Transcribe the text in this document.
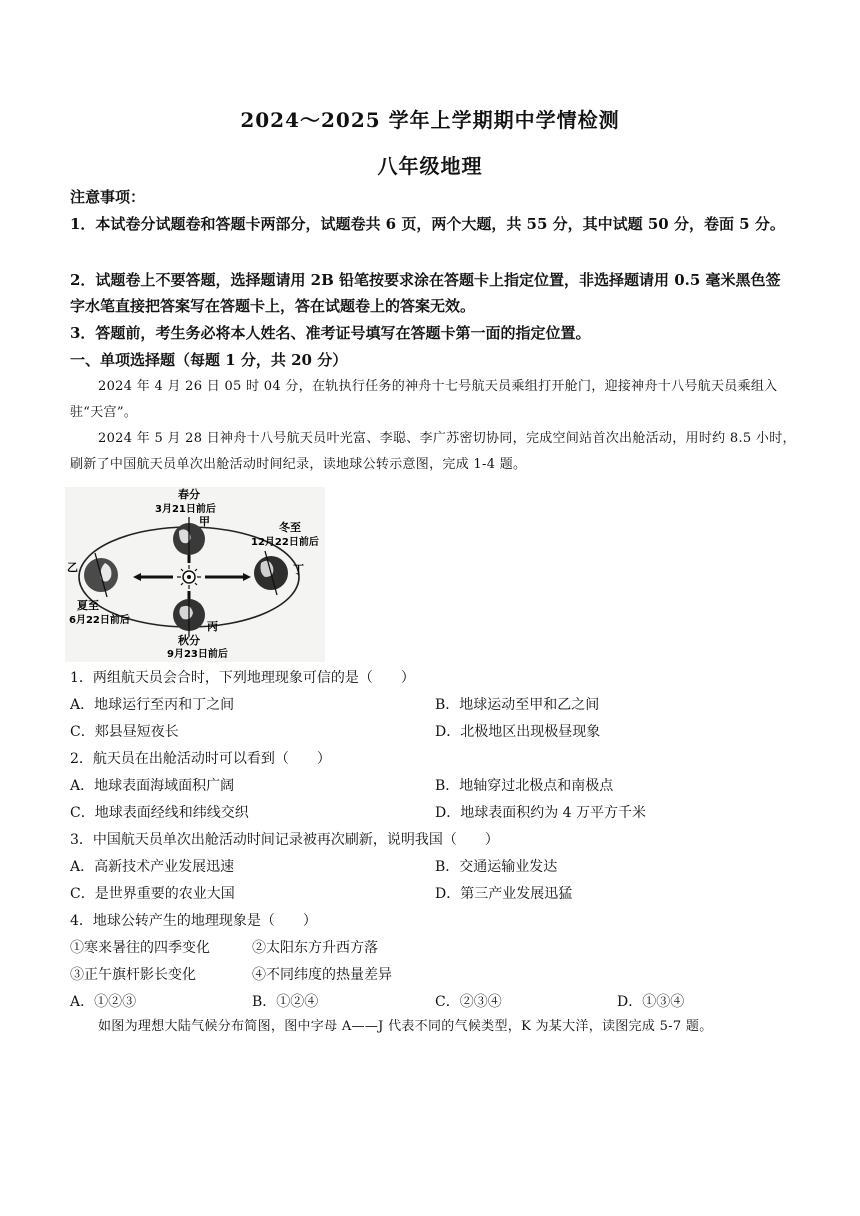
2024～2025 学年上学期期中学情检测
八年级地理
注意事项：
1．本试卷分试题卷和答题卡两部分，试题卷共 6 页，两个大题，共 55 分，其中试题 50 分，卷面 5 分。
2．试题卷上不要答题，选择题请用 2B 铅笔按要求涂在答题卡上指定位置，非选择题请用 0.5 毫米黑色签字水笔直接把答案写在答题卡上，答在试题卷上的答案无效。
3．答题前，考生务必将本人姓名、准考证号填写在答题卡第一面的指定位置。
一、单项选择题（每题 1 分，共 20 分）
2024 年 4 月 26 日 05 时 04 分，在轨执行任务的神舟十七号航天员乘组打开舱门，迎接神舟十八号航天员乘组入驻“天宫”。
2024 年 5 月 28 日神舟十八号航天员叶光富、李聪、李广苏密切协同，完成空间站首次出舱活动，用时约 8.5 小时，刷新了中国航天员单次出舱活动时间纪录，读地球公转示意图，完成 1-4 题。
春分
3月21日前后
甲	冬至
12月22日前后
丁
乙
夏至
6月22日前后	丙
秋分
9月23日前后
1．两组航天员会合时，下列地理现象可信的是（　　）
A．地球运行至丙和丁之间	B．地球运动至甲和乙之间
C．郏县昼短夜长	D．北极地区出现极昼现象
2．航天员在出舱活动时可以看到（　　）
A．地球表面海域面积广阔	B．地轴穿过北极点和南极点
C．地球表面经线和纬线交织	D．地球表面积约为 4 万平方千米
3．中国航天员单次出舱活动时间记录被再次刷新，说明我国（　　）
A．高新技术产业发展迅速	B．交通运输业发达
C．是世界重要的农业大国	D．第三产业发展迅猛
4．地球公转产生的地理现象是（　　）
①寒来暑往的四季变化	②太阳东方升西方落
③正午旗杆影长变化	④不同纬度的热量差异
A．①②③	B．①②④	C．②③④	D．①③④
如图为理想大陆气候分布简图，图中字母 A——J 代表不同的气候类型，K 为某大洋，读图完成 5-7 题。
